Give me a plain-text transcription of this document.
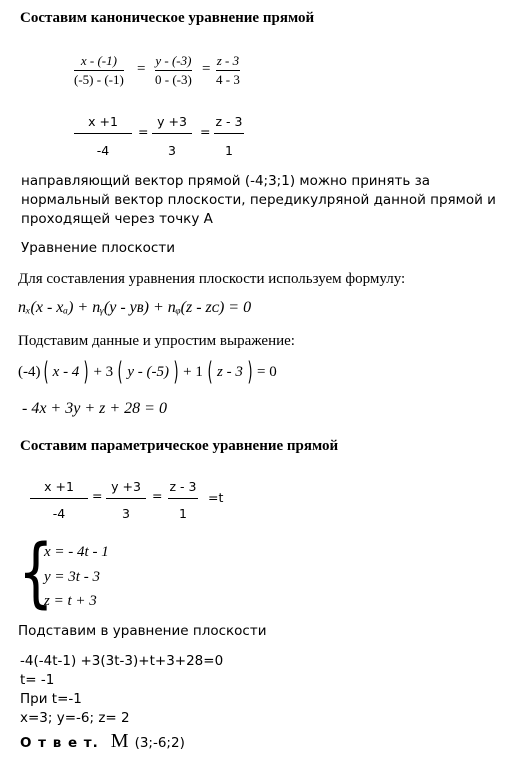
Составим каноническое уравнение прямой
x - (-1)
(-5) - (-1)
=
y - (-3)
0 - (-3)
=
z - 3
4 - 3
x +1
-4
=
y +3
3
=
z - 3
1
направляющий вектор прямой (-4;3;1) можно принять за
нормальный вектор плоскости, передикулряной данной прямой и
проходящей через точку А
Уравнение плоскости
Для составления уравнения плоскости используем формулу:
nₓ(x - xₐ) + nᵧ(y - yʙ) + nᵩ(z - zᴄ) = 0
Подставим данные и упростим выражение:
(-4) ( x - 4 ) + 3 ( y - (-5) ) + 1 ( z - 3 ) = 0
- 4x + 3y + z + 28 = 0
Составим параметрическое уравнение прямой
x +1
-4
=
y +3
3
=
z - 3
1
=t
{
x = - 4t - 1
y = 3t - 3
z = t + 3
Подставим в уравнение плоскости
-4(-4t-1) +3(3t-3)+t+3+28=0
t= -1
При t=-1
x=3; y=-6; z= 2
О т в е т. M (3;-6;2)
